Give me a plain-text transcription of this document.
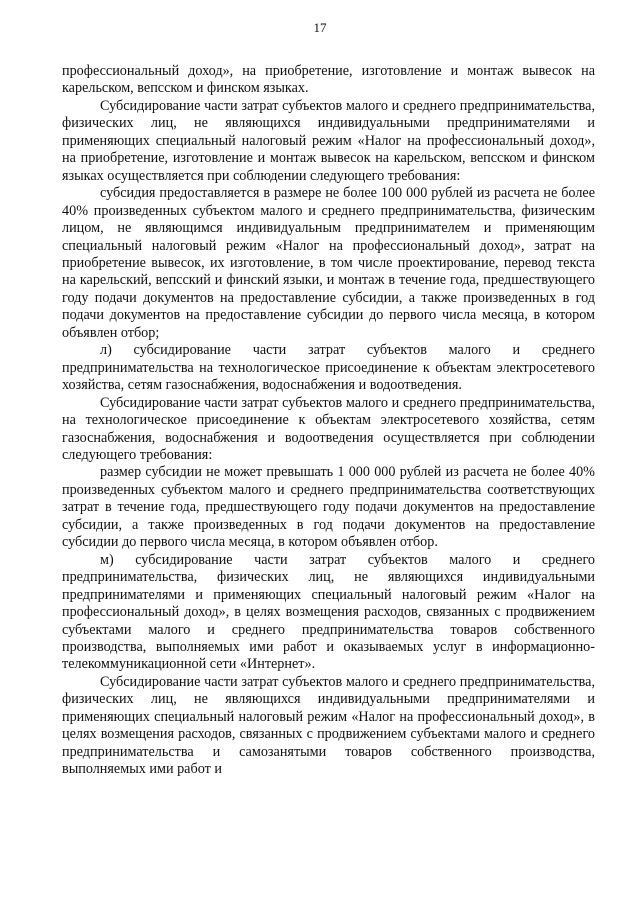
17

профессиональный доход», на приобретение, изготовление и монтаж вывесок на карельском, вепсском и финском языках.

Субсидирование части затрат субъектов малого и среднего предпринимательства, физических лиц, не являющихся индивидуальными предпринимателями и применяющих специальный налоговый режим «Налог на профессиональный доход», на приобретение, изготовление и монтаж вывесок на карельском, вепсском и финском языках осуществляется при соблюдении следующего требования:

субсидия предоставляется в размере не более 100 000 рублей из расчета не более 40% произведенных субъектом малого и среднего предпринимательства, физическим лицом, не являющимся индивидуальным предпринимателем и применяющим специальный налоговый режим «Налог на профессиональный доход», затрат на приобретение вывесок, их изготовление, в том числе проектирование, перевод текста на карельский, вепсский и финский языки, и монтаж в течение года, предшествующего году подачи документов на предоставление субсидии, а также произведенных в год подачи документов на предоставление субсидии до первого числа месяца, в котором объявлен отбор;

л) субсидирование части затрат субъектов малого и среднего предпринимательства на технологическое присоединение к объектам электросетевого хозяйства, сетям газоснабжения, водоснабжения и водоотведения.

Субсидирование части затрат субъектов малого и среднего предпринимательства, на технологическое присоединение к объектам электросетевого хозяйства, сетям газоснабжения, водоснабжения и водоотведения осуществляется при соблюдении следующего требования:

размер субсидии не может превышать 1 000 000 рублей из расчета не более 40% произведенных субъектом малого и среднего предпринимательства соответствующих затрат в течение года, предшествующего году подачи документов на предоставление субсидии, а также произведенных в год подачи документов на предоставление субсидии до первого числа месяца, в котором объявлен отбор.

м) субсидирование части затрат субъектов малого и среднего предпринимательства, физических лиц, не являющихся индивидуальными предпринимателями и применяющих специальный налоговый режим «Налог на профессиональный доход», в целях возмещения расходов, связанных с продвижением субъектами малого и среднего предпринимательства товаров собственного производства, выполняемых ими работ и оказываемых услуг в информационно-телекоммуникационной сети «Интернет».

Субсидирование части затрат субъектов малого и среднего предпринимательства, физических лиц, не являющихся индивидуальными предпринимателями и применяющих специальный налоговый режим «Налог на профессиональный доход», в целях возмещения расходов, связанных с продвижением субъектами малого и среднего предпринимательства и самозанятыми товаров собственного производства, выполняемых ими работ и
